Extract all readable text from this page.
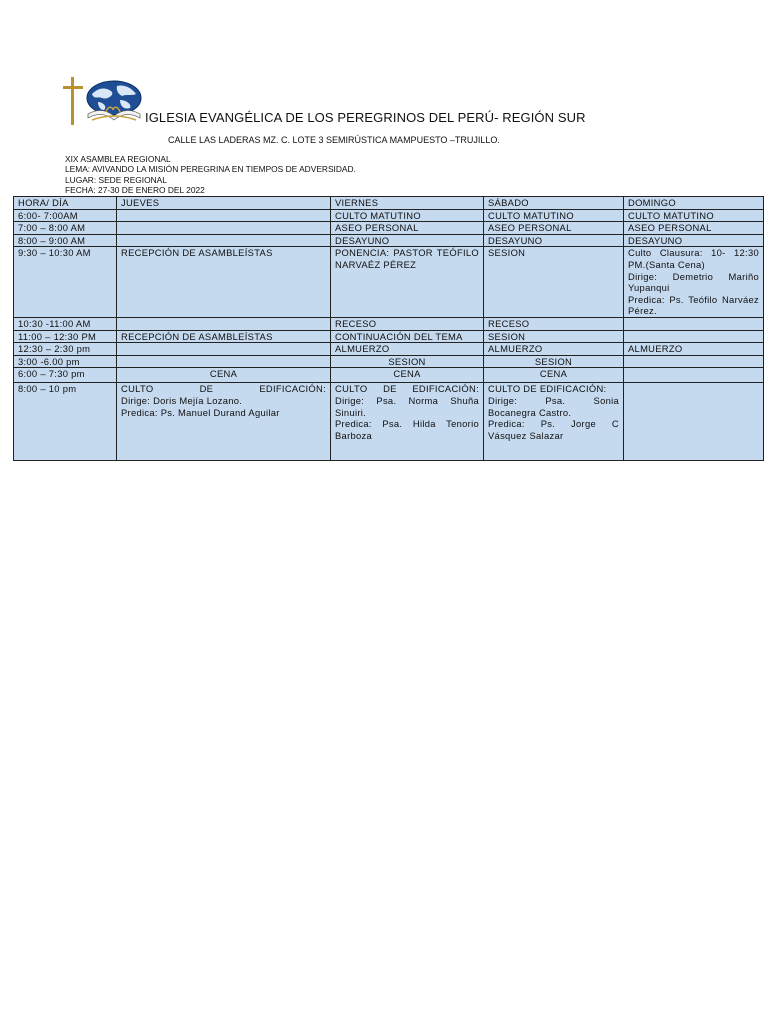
IGLESIA EVANGÉLICA DE LOS PEREGRINOS DEL PERÚ- REGIÓN SUR
CALLE LAS LADERAS MZ. C. LOTE 3 SEMIRÚSTICA MAMPUESTO –TRUJILLO.
XIX ASAMBLEA REGIONAL
LEMA: AVIVANDO LA MISIÓN PEREGRINA EN TIEMPOS DE ADVERSIDAD.
LUGAR: SEDE REGIONAL
FECHA: 27-30 DE ENERO DEL 2022
HORA/ DÍA	JUEVES	VIERNES	SÁBADO	DOMINGO
6:00- 7:00AM		CULTO MATUTINO	CULTO MATUTINO	CULTO MATUTINO
7:00 – 8:00 AM		ASEO PERSONAL	ASEO PERSONAL	ASEO PERSONAL
8:00 – 9:00 AM		DESAYUNO	DESAYUNO	DESAYUNO
9:30 – 10:30 AM	RECEPCIÓN DE ASAMBLEÍSTAS	PONENCIA: PASTOR TEÓFILO NARVAÉZ PÉREZ	SESION	Culto Clausura: 10- 12:30 PM.(Santa Cena)
Dirige: Demetrio Mariño Yupanqui
Predica: Ps. Teófilo Narváez Pérez.

10:30 -11:00 AM		RECESO	RECESO	
11:00 – 12:30 PM	RECEPCIÓN DE ASAMBLEÍSTAS	CONTINUACIÓN DEL TEMA	SESION	
12:30 – 2:30 pm		ALMUERZO	ALMUERZO	ALMUERZO
3:00 -6.00 pm		SESION	SESION	
6:00 – 7:30 pm	CENA	CENA	CENA	
8:00 – 10 pm	CULTO DE EDIFICACIÓN:
Dirige: Doris Mejía Lozano.
Predica: Ps. Manuel Durand Aguilar	CULTO DE EDIFICACIÓN:
Dirige: Psa. Norma Shuña Sinuiri.
Predica: Psa. Hilda Tenorio Barboza	CULTO DE EDIFICACIÓN:
Dirige: Psa. Sonia Bocanegra Castro.
Predica: Ps. Jorge C Vásquez Salazar	
